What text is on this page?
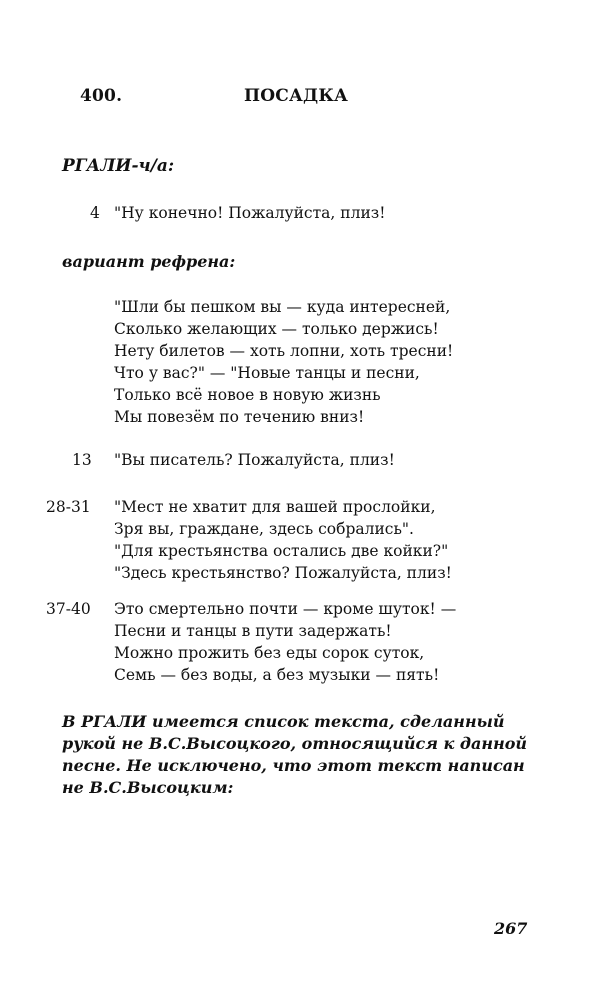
400.	ПОСАДКА
РГАЛИ-ч/а:
4 "Ну конечно! Пожалуйста, плиз!
вариант рефрена:
"Шли бы пешком вы — куда интересней,
Сколько желающих — только держись!
Нету билетов — хоть лопни, хоть тресни!
Что у вас?" — "Новые танцы и песни,
Только всё новое в новую жизнь
Мы повезём по течению вниз!
13 "Вы писатель? Пожалуйста, плиз!
28-31 "Мест не хватит для вашей прослойки,
Зря вы, граждане, здесь собрались".
"Для крестьянства остались две койки?"
"Здесь крестьянство? Пожалуйста, плиз!
37-40 Это смертельно почти — кроме шуток! —
Песни и танцы в пути задержать!
Можно прожить без еды сорок суток,
Семь — без воды, а без музыки — пять!
В РГАЛИ имеется список текста, сделанный
рукой не В.С.Высоцкого, относящийся к данной
песне. Не исключено, что этот текст написан
не В.С.Высоцким:
267
